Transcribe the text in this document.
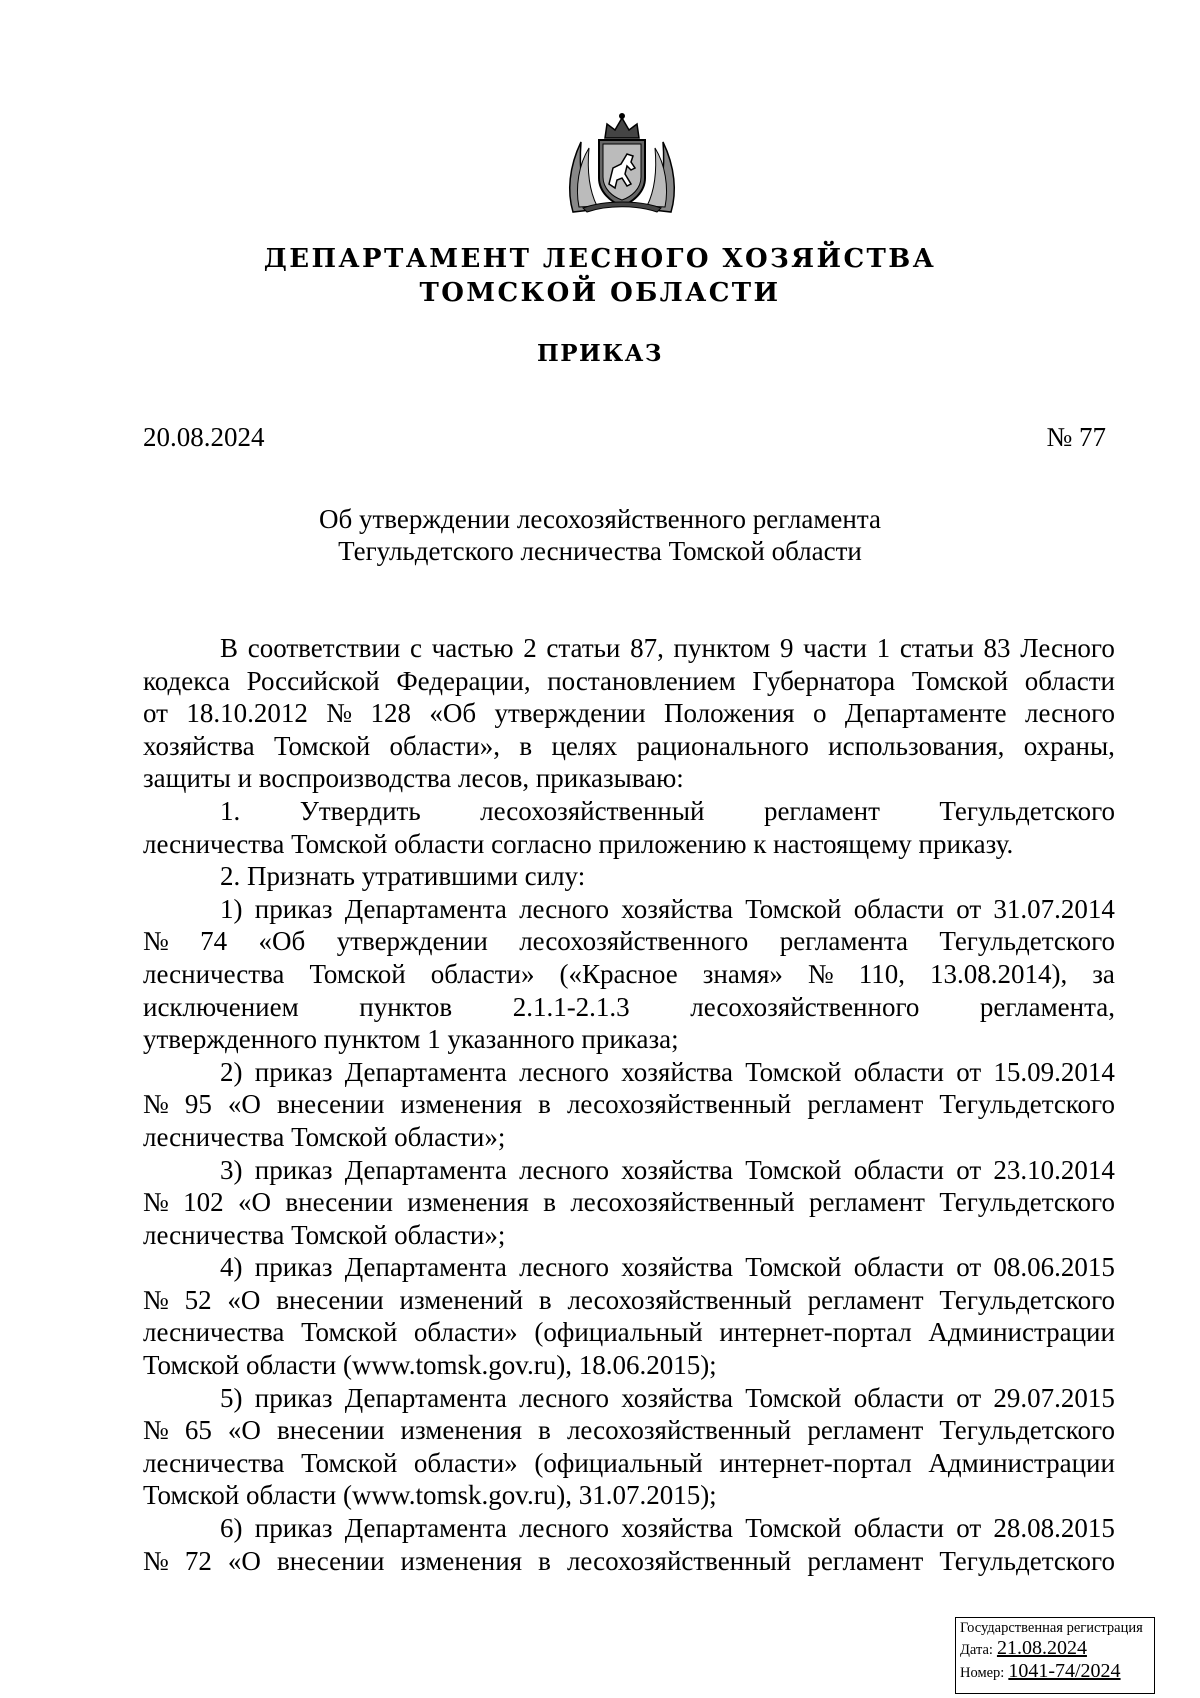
ДЕПАРТАМЕНТ ЛЕСНОГО ХОЗЯЙСТВА
ТОМСКОЙ ОБЛАСТИ
ПРИКАЗ
20.08.2024	№ 77
Об утверждении лесохозяйственного регламента
Тегульдетского лесничества Томской области
В соответствии с частью 2 статьи 87, пунктом 9 части 1 статьи 83 Лесного
кодекса Российской Федерации, постановлением Губернатора Томской области
от 18.10.2012 № 128 «Об утверждении Положения о Департаменте лесного
хозяйства Томской области», в целях рационального использования, охраны,
защиты и воспроизводства лесов, приказываю:
1. Утвердить лесохозяйственный регламент Тегульдетского
лесничества Томской области согласно приложению к настоящему приказу.
2. Признать утратившими силу:
1) приказ Департамента лесного хозяйства Томской области от 31.07.2014
№ 74 «Об утверждении лесохозяйственного регламента Тегульдетского
лесничества Томской области» («Красное знамя» № 110, 13.08.2014), за
исключением пунктов 2.1.1-2.1.3 лесохозяйственного регламента,
утвержденного пунктом 1 указанного приказа;
2) приказ Департамента лесного хозяйства Томской области от 15.09.2014
№ 95 «О внесении изменения в лесохозяйственный регламент Тегульдетского
лесничества Томской области»;
3) приказ Департамента лесного хозяйства Томской области от 23.10.2014
№ 102 «О внесении изменения в лесохозяйственный регламент Тегульдетского
лесничества Томской области»;
4) приказ Департамента лесного хозяйства Томской области от 08.06.2015
№ 52 «О внесении изменений в лесохозяйственный регламент Тегульдетского
лесничества Томской области» (официальный интернет-портал Администрации
Томской области (www.tomsk.gov.ru), 18.06.2015);
5) приказ Департамента лесного хозяйства Томской области от 29.07.2015
№ 65 «О внесении изменения в лесохозяйственный регламент Тегульдетского
лесничества Томской области» (официальный интернет-портал Администрации
Томской области (www.tomsk.gov.ru), 31.07.2015);
6) приказ Департамента лесного хозяйства Томской области от 28.08.2015
№ 72 «О внесении изменения в лесохозяйственный регламент Тегульдетского
Государственная регистрация
Дата: 21.08.2024
Номер: 1041-74/2024
